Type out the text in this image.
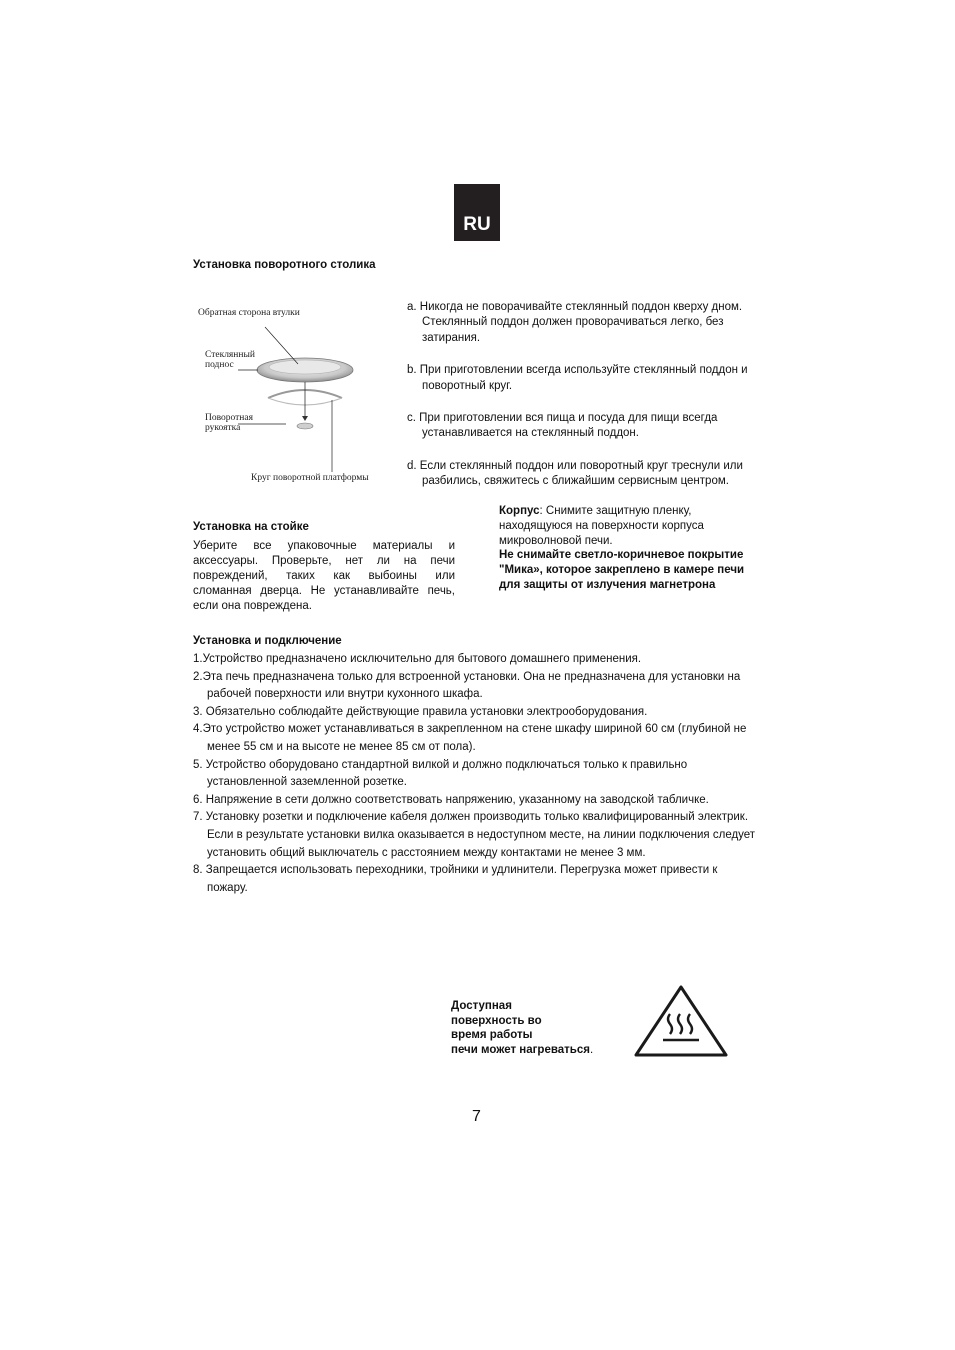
RU
Установка поворотного столика
Обратная сторона втулки
Стеклянный
поднос
Поворотная
рукоятка
Круг поворотной платформы
a. Никогда не поворачивайте стеклянный поддон кверху дном. Стеклянный поддон должен проворачиваться легко, без затирания.
b. При приготовлении всегда используйте стеклянный поддон и поворотный круг.
c. При приготовлении вся пища и посуда для пищи всегда устанавливается на стеклянный поддон.
d. Если стеклянный поддон или поворотный круг треснули или разбились, свяжитесь с ближайшим сервисным центром.
Установка на стойке
Уберите все упаковочные материалы и аксессуары. Проверьте, нет ли на печи повреждений, таких как выбоины или сломанная дверца. Не устанавливайте печь, если она повреждена.
Корпус: Снимите защитную пленку, находящуюся на поверхности корпуса микроволновой печи.
Не снимайте светло-коричневое покрытие "Мика», которое закреплено в камере печи для защиты от излучения магнетрона
Установка и подключение
1.Устройство предназначено исключительно для бытового домашнего применения.
2.Эта печь предназначена только для встроенной установки. Она не предназначена для установки на рабочей поверхности или внутри кухонного шкафа.
3. Обязательно соблюдайте действующие правила установки электрооборудования.
4.Это устройство может устанавливаться в закрепленном на стене шкафу шириной 60 см (глубиной не менее 55 см и на высоте не менее 85 см от пола).
5. Устройство оборудовано стандартной вилкой и должно подключаться только к правильно установленной заземленной розетке.
6. Напряжение в сети должно соответствовать напряжению, указанному на заводской табличке.
7. Установку розетки и подключение кабеля должен производить только квалифицированный электрик. Если в результате установки вилка оказывается в недоступном месте, на линии подключения следует установить общий выключатель с расстоянием между контактами не менее 3 мм.
8. Запрещается использовать переходники, тройники и удлинители. Перегрузка может привести к пожару.
Доступная
поверхность во
время работы
печи может нагреваться.
7
